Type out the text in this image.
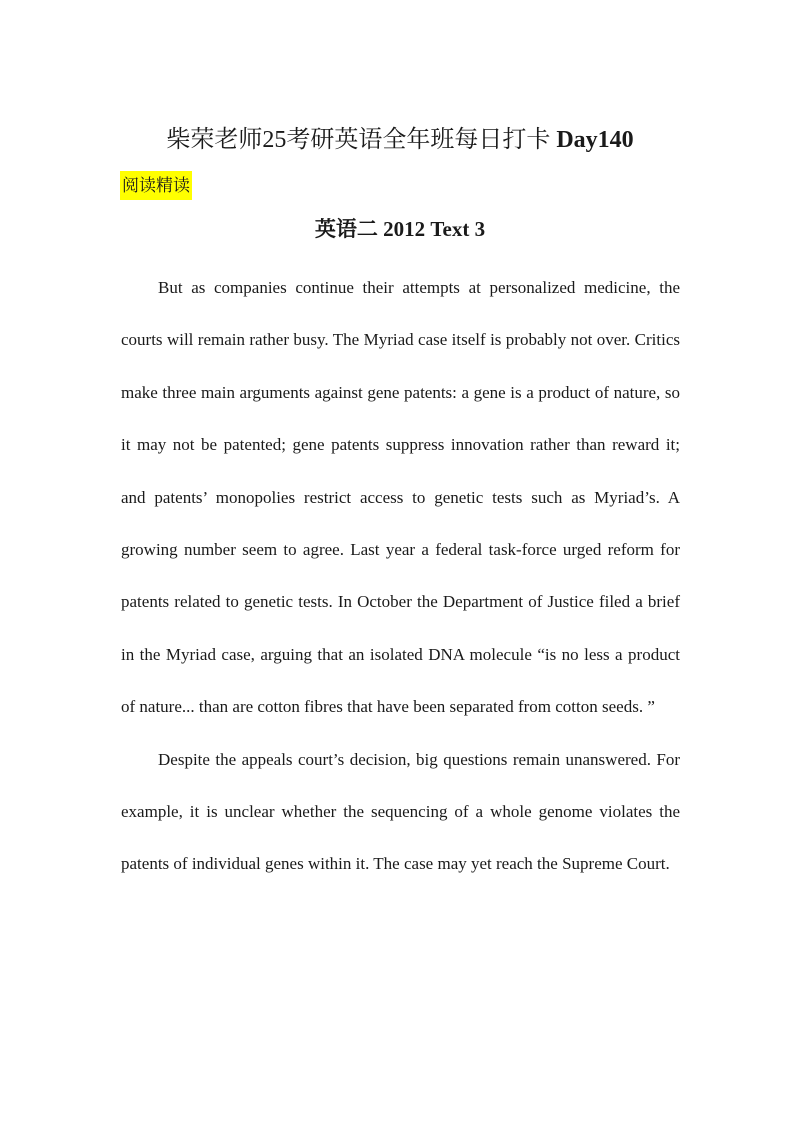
柴荣老师25考研英语全年班每日打卡 Day140
阅读精读
英语二 2012 Text 3

But as companies continue their attempts at personalized medicine, the courts will remain rather busy. The Myriad case itself is probably not over. Critics make three main arguments against gene patents: a gene is a product of nature, so it may not be patented; gene patents suppress innovation rather than reward it; and patents’ monopolies restrict access to genetic tests such as Myriad’s. A growing number seem to agree. Last year a federal task-force urged reform for patents related to genetic tests. In October the Department of Justice filed a brief in the Myriad case, arguing that an isolated DNA molecule “is no less a product of nature... than are cotton fibres that have been separated from cotton seeds. ”

Despite the appeals court’s decision, big questions remain unanswered. For example, it is unclear whether the sequencing of a whole genome violates the patents of individual genes within it. The case may yet reach the Supreme Court.
